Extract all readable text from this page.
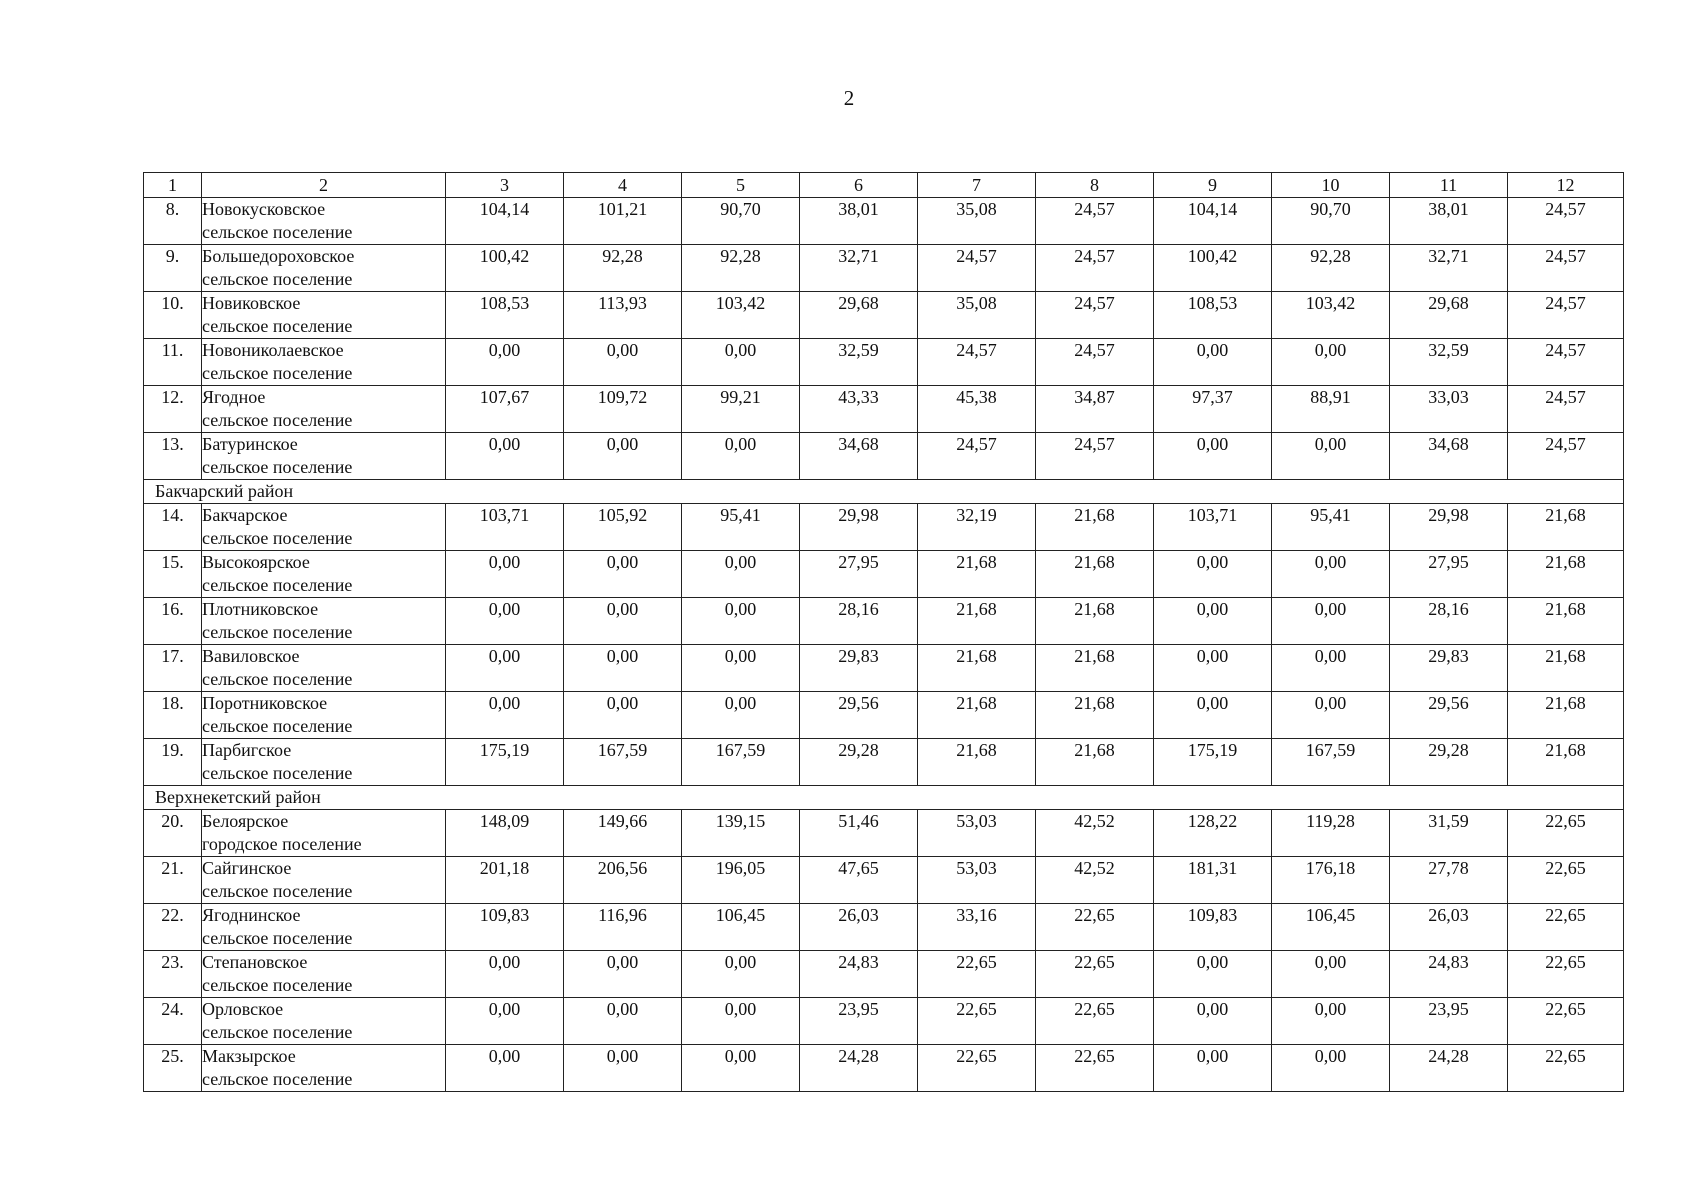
2
1	2	3	4	5	6	7	8	9	10	11	12
8.	Новокусковское
сельское поселение	104,14	101,21	90,70	38,01	35,08	24,57	104,14	90,70	38,01	24,57
9.	Большедороховское
сельское поселение	100,42	92,28	92,28	32,71	24,57	24,57	100,42	92,28	32,71	24,57
10.	Новиковское
сельское поселение	108,53	113,93	103,42	29,68	35,08	24,57	108,53	103,42	29,68	24,57
11.	Новониколаевское
сельское поселение	0,00	0,00	0,00	32,59	24,57	24,57	0,00	0,00	32,59	24,57
12.	Ягодное
сельское поселение	107,67	109,72	99,21	43,33	45,38	34,87	97,37	88,91	33,03	24,57
13.	Батуринское
сельское поселение	0,00	0,00	0,00	34,68	24,57	24,57	0,00	0,00	34,68	24,57
Бакчарский район											
14.	Бакчарское
сельское поселение	103,71	105,92	95,41	29,98	32,19	21,68	103,71	95,41	29,98	21,68
15.	Высокоярское
сельское поселение	0,00	0,00	0,00	27,95	21,68	21,68	0,00	0,00	27,95	21,68
16.	Плотниковское
сельское поселение	0,00	0,00	0,00	28,16	21,68	21,68	0,00	0,00	28,16	21,68
17.	Вавиловское
сельское поселение	0,00	0,00	0,00	29,83	21,68	21,68	0,00	0,00	29,83	21,68
18.	Поротниковское
сельское поселение	0,00	0,00	0,00	29,56	21,68	21,68	0,00	0,00	29,56	21,68
19.	Парбигское
сельское поселение	175,19	167,59	167,59	29,28	21,68	21,68	175,19	167,59	29,28	21,68
Верхнекетский район											
20.	Белоярское
городское поселение	148,09	149,66	139,15	51,46	53,03	42,52	128,22	119,28	31,59	22,65
21.	Сайгинское
сельское поселение	201,18	206,56	196,05	47,65	53,03	42,52	181,31	176,18	27,78	22,65
22.	Ягоднинское
сельское поселение	109,83	116,96	106,45	26,03	33,16	22,65	109,83	106,45	26,03	22,65
23.	Степановское
сельское поселение	0,00	0,00	0,00	24,83	22,65	22,65	0,00	0,00	24,83	22,65
24.	Орловское
сельское поселение	0,00	0,00	0,00	23,95	22,65	22,65	0,00	0,00	23,95	22,65
25.	Макзырское
сельское поселение	0,00	0,00	0,00	24,28	22,65	22,65	0,00	0,00	24,28	22,65
